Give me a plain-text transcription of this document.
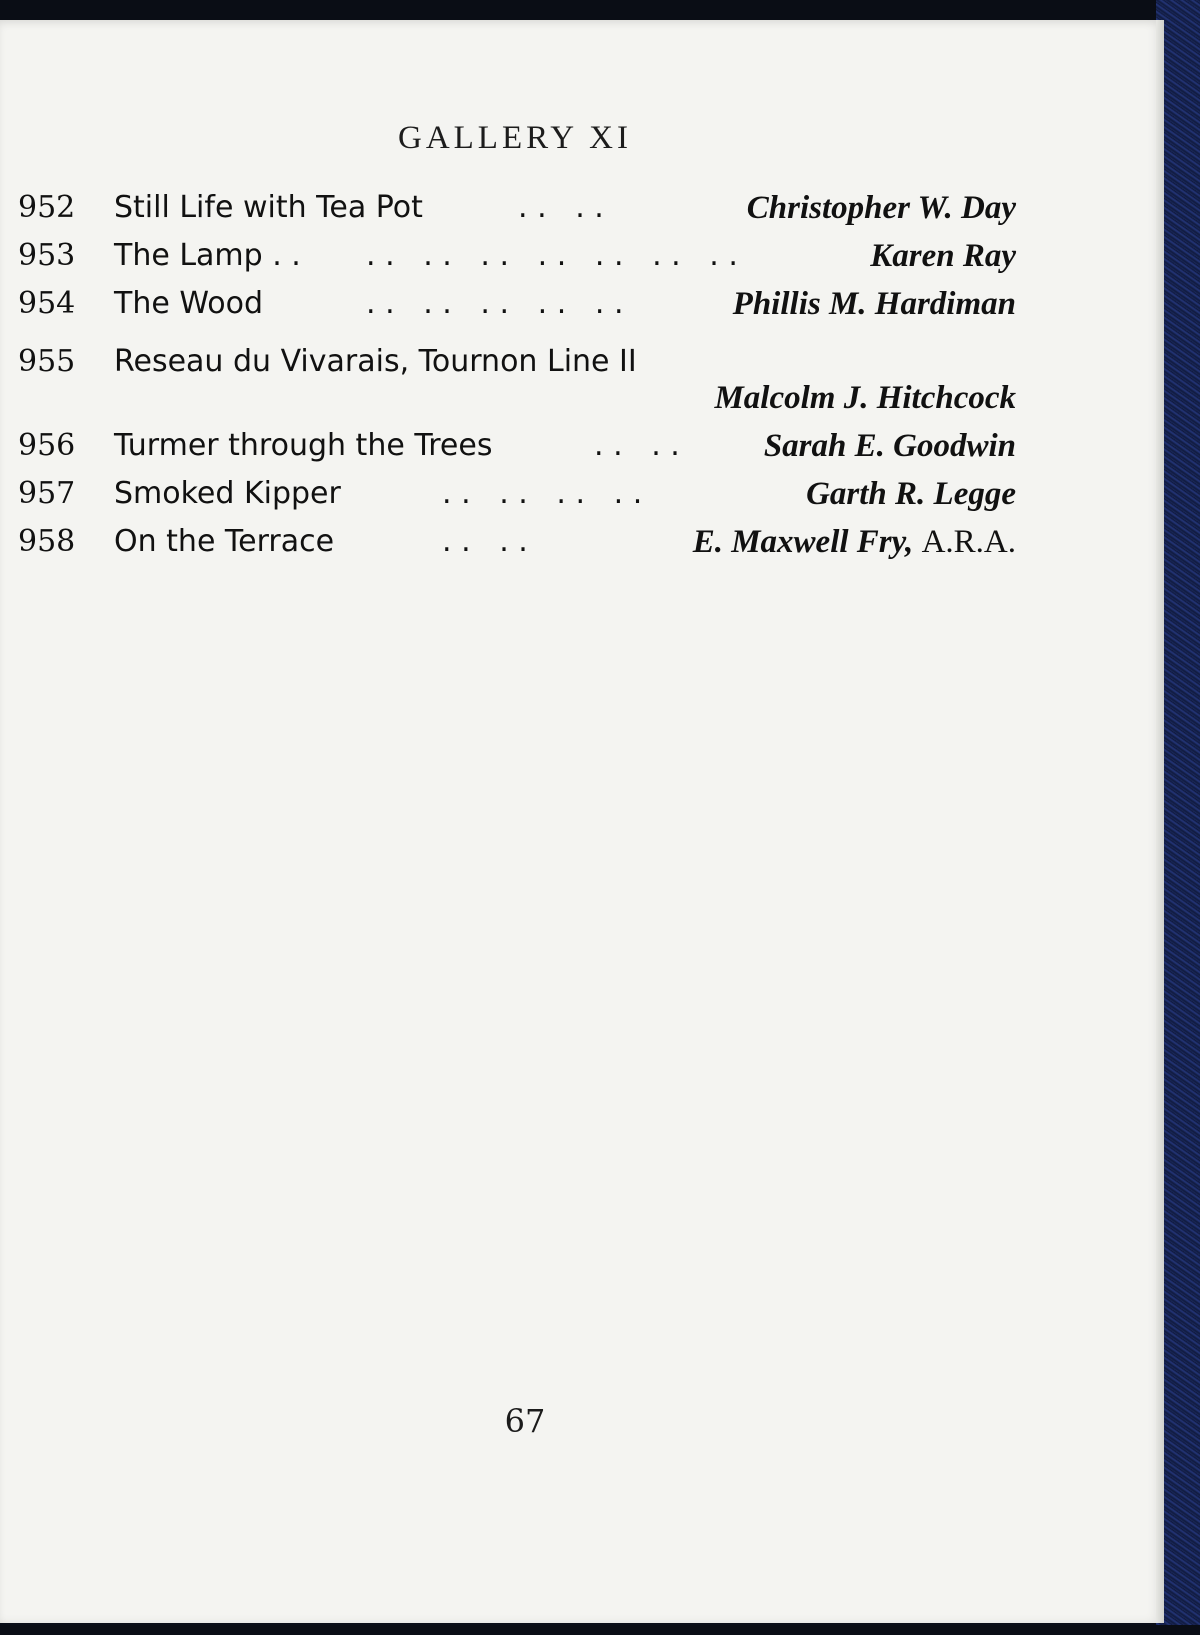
GALLERY XI
952 Still Life with Tea Pot	. .   . .	Christopher W. Day
953 The Lamp . . . .   . .   . .   . .   . .   . .   . .	Karen Ray
954 The Wood	. .   . .   . .   . .   . .	Phillis M. Hardiman
955 Reseau du Vivarais, Tournon Line II
Malcolm J. Hitchcock
956 Turmer through the Trees	. .   . .	Sarah E. Goodwin
957 Smoked Kipper	. .   . .   . .   . .	Garth R. Legge
958 On the Terrace	. .   . .	E. Maxwell Fry, A.R.A.
67
